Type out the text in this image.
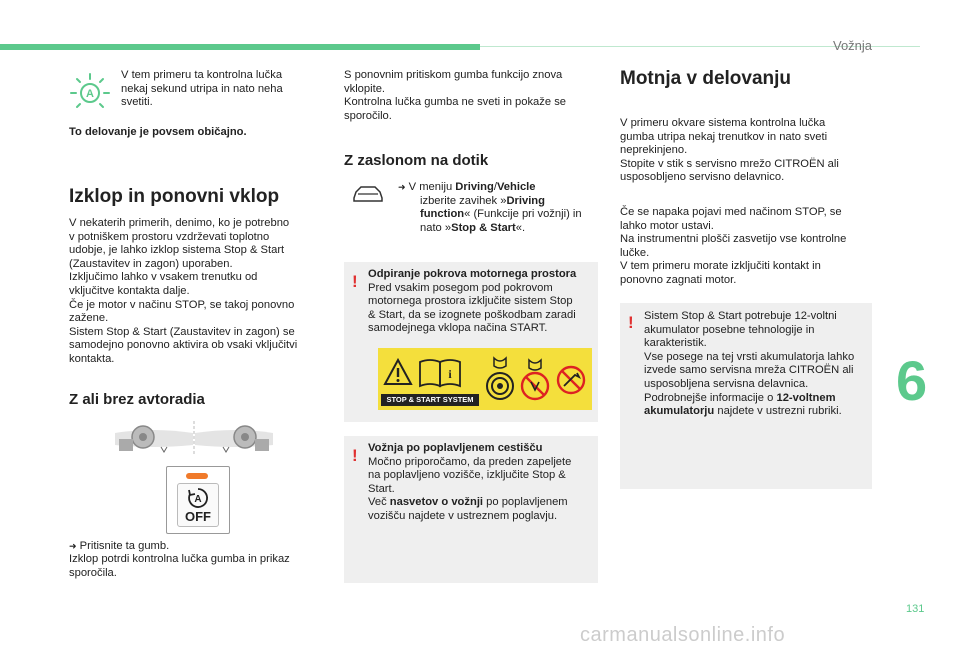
Vožnja
6
131
carmanualsonline.info
A
V tem primeru ta kontrolna lučka nekaj sekund utripa in nato neha svetiti.
To delovanje je povsem običajno.
Izklop in ponovni vklop
V nekaterih primerih, denimo, ko je potrebno
v potniškem prostoru vzdrževati toplotno
udobje, je lahko izklop sistema Stop & Start
(Zaustavitev in zagon) uporaben.
Izključimo lahko v vsakem trenutku od
vključitve kontakta dalje.
Če je motor v načinu STOP, se takoj ponovno
zažene.
Sistem Stop & Start (Zaustavitev in zagon) se
samodejno ponovno aktivira ob vsaki vključitvi
kontakta.
Z ali brez avtoradia
A
OFF
➜ Pritisnite ta gumb.
Izklop potrdi kontrolna lučka gumba in prikaz
sporočila.
S ponovnim pritiskom gumba funkcijo znova
vklopite.
Kontrolna lučka gumba ne sveti in pokaže se
sporočilo.
Z zaslonom na dotik
➜ V meniju Driving/Vehicle
izberite zavihek »Driving
function« (Funkcije pri vožnji) in
nato »Stop & Start«.
! Odpiranje pokrova motornega prostora
Pred vsakim posegom pod pokrovom
motornega prostora izključite sistem Stop
& Start, da se izognete poškodbam zaradi
samodejnega vklopa načina START.
i
STOP & START SYSTEM
! Vožnja po poplavljenem cestišču
Močno priporočamo, da preden zapeljete
na poplavljeno vozišče, izključite Stop &
Start.
Več nasvetov o vožnji po poplavljenem
vozišču najdete v ustreznem poglavju.
Motnja v delovanju
V primeru okvare sistema kontrolna lučka
gumba utripa nekaj trenutkov in nato sveti
neprekinjeno.
Stopite v stik s servisno mrežo CITROËN ali
usposobljeno servisno delavnico.
Če se napaka pojavi med načinom STOP, se
lahko motor ustavi.
Na instrumentni plošči zasvetijo vse kontrolne
lučke.
V tem primeru morate izključiti kontakt in
ponovno zagnati motor.
! Sistem Stop & Start potrebuje 12-voltni
akumulator posebne tehnologije in
karakteristik.
Vse posege na tej vrsti akumulatorja lahko
izvede samo servisna mreža CITROËN ali
usposobljena servisna delavnica.
Podrobnejše informacije o 12-voltnem
akumulatorju najdete v ustrezni rubriki.
